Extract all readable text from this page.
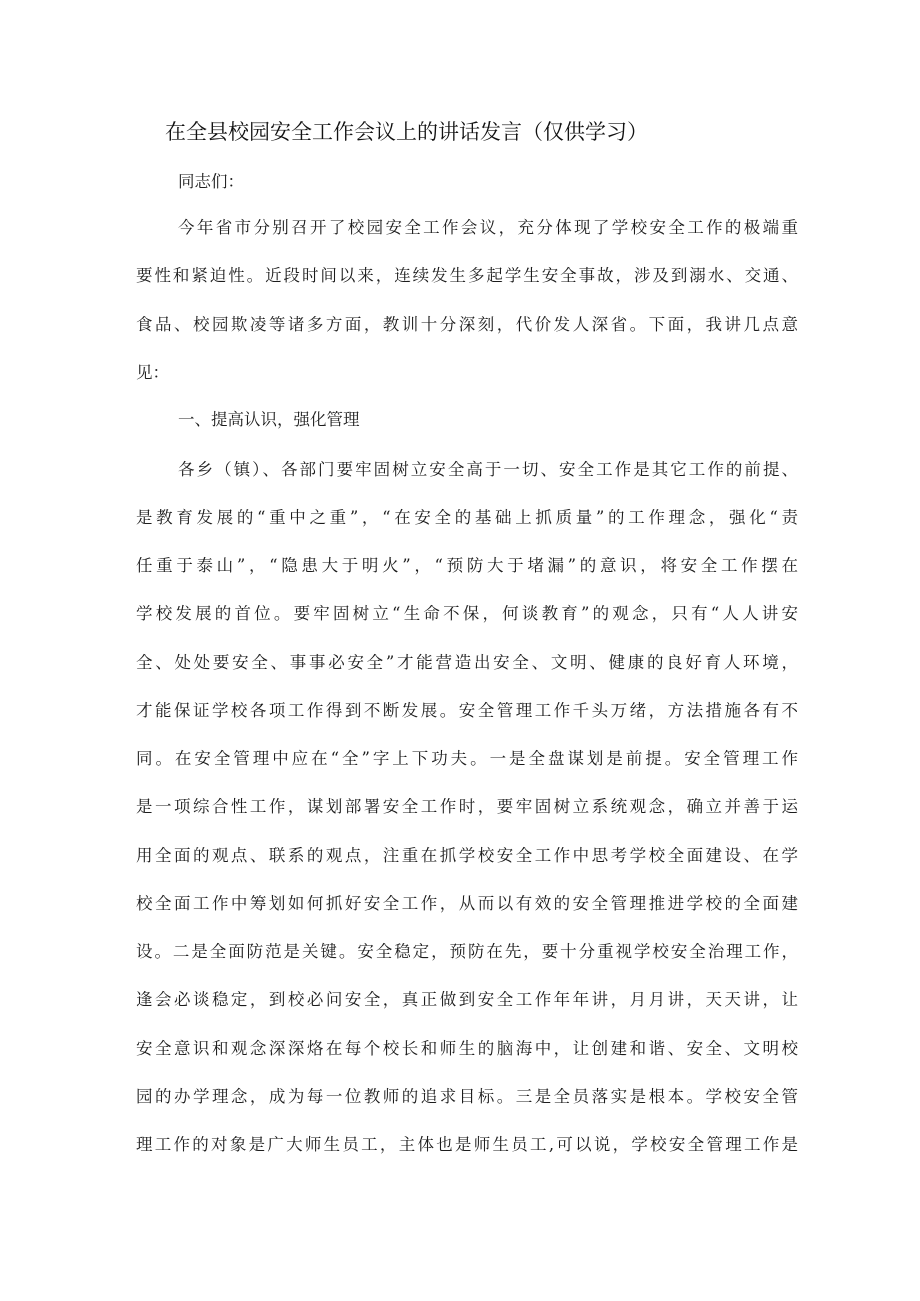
在全县校园安全工作会议上的讲话发言（仅供学习）
同志们：
今年省市分别召开了校园安全工作会议，充分体现了学校安全工作的极端重
要性和紧迫性。近段时间以来，连续发生多起学生安全事故，涉及到溺水、交通、
食品、校园欺凌等诸多方面，教训十分深刻，代价发人深省。下面，我讲几点意
见：
一、提高认识，强化管理
各乡（镇）、各部门要牢固树立安全高于一切、安全工作是其它工作的前提、
是教育发展的“重中之重”，“在安全的基础上抓质量”的工作理念，强化“责
任重于泰山”，“隐患大于明火”，“预防大于堵漏”的意识，将安全工作摆在
学校发展的首位。要牢固树立“生命不保，何谈教育”的观念，只有“人人讲安
全、处处要安全、事事必安全”才能营造出安全、文明、健康的良好育人环境，
才能保证学校各项工作得到不断发展。安全管理工作千头万绪，方法措施各有不
同。在安全管理中应在“全”字上下功夫。一是全盘谋划是前提。安全管理工作
是一项综合性工作，谋划部署安全工作时，要牢固树立系统观念，确立并善于运
用全面的观点、联系的观点，注重在抓学校安全工作中思考学校全面建设、在学
校全面工作中筹划如何抓好安全工作，从而以有效的安全管理推进学校的全面建
设。二是全面防范是关键。安全稳定，预防在先，要十分重视学校安全治理工作，
逢会必谈稳定，到校必问安全，真正做到安全工作年年讲，月月讲，天天讲，让
安全意识和观念深深烙在每个校长和师生的脑海中，让创建和谐、安全、文明校
园的办学理念，成为每一位教师的追求目标。三是全员落实是根本。学校安全管
理工作的对象是广大师生员工，主体也是师生员工,可以说，学校安全管理工作是
